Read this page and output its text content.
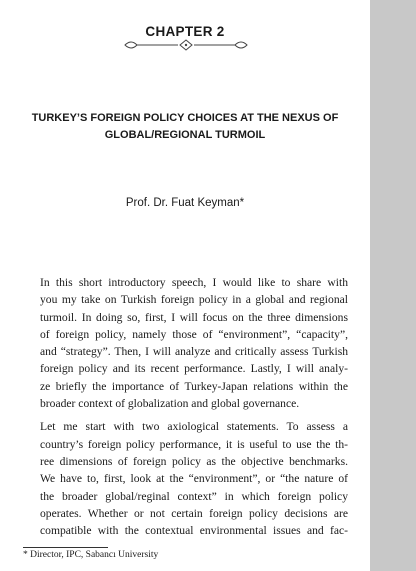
CHAPTER 2
TURKEY’S FOREIGN POLICY CHOICES AT THE NEXUS OF
GLOBAL/REGIONAL TURMOIL
Prof. Dr. Fuat Keyman*

In this short introductory speech, I would like to share with
you my take on Turkish foreign policy in a global and regional
turmoil. In doing so, first, I will focus on the three dimensions
of foreign policy, namely those of “environment”, “capacity”,
and “strategy”. Then, I will analyze and critically assess Turkish
foreign policy and its recent performance. Lastly, I will analy-
ze briefly the importance of Turkey-Japan relations within the
broader context of globalization and global governance.

Let me start with two axiological statements. To assess a
country’s foreign policy performance, it is useful to use the th-
ree dimensions of foreign policy as the objective benchmarks.
We have to, first, look at the “environment”, or “the nature of
the broader global/reginal context” in which foreign policy
operates. Whether or not certain foreign policy decisions are
compatible with the contextual environmental issues and fac-

* Director, IPC, Sabancı University
